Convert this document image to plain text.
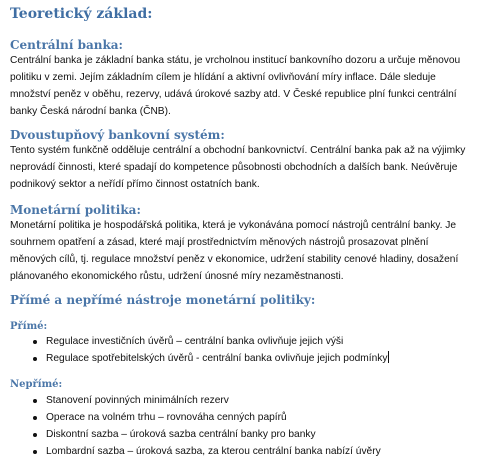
Teoretický základ:
Centrální banka:

Centrální banka je základní banka státu, je vrcholnou institucí bankovního dozoru a určuje měnovou
politiku v zemi. Jejím základním cílem je hlídání a aktivní ovlivňování míry inflace. Dále sleduje
množství peněz v oběhu, rezervy, udává úrokové sazby atd. V České republice plní funkci centrální
banky Česká národní banka (ČNB).

Dvoustupňový bankovní systém:

Tento systém funkčně odděluje centrální a obchodní bankovnictví. Centrální banka pak až na výjimky
neprovádí činnosti, které spadají do kompetence působnosti obchodních a dalších bank. Neúvěruje
podnikový sektor a neřídí přímo činnost ostatních bank.

Monetární politika:

Monetární politika je hospodářská politika, která je vykonávána pomocí nástrojů centrální banky. Je
souhrnem opatření a zásad, které mají prostřednictvím měnových nástrojů prosazovat plnění
měnových cílů, tj. regulace množství peněz v ekonomice, udržení stability cenové hladiny, dosažení
plánovaného ekonomického růstu, udržení únosné míry nezaměstnanosti.

Přímé a nepřímé nástroje monetární politiky:
Přímé:
Regulace investičních úvěrů – centrální banka ovlivňuje jejich výši
Regulace spotřebitelských úvěrů - centrální banka ovlivňuje jejich podmínky
Nepřímé:
Stanovení povinných minimálních rezerv
Operace na volném trhu – rovnováha cenných papírů
Diskontní sazba – úroková sazba centrální banky pro banky
Lombardní sazba – úroková sazba, za kterou centrální banka nabízí úvěry
